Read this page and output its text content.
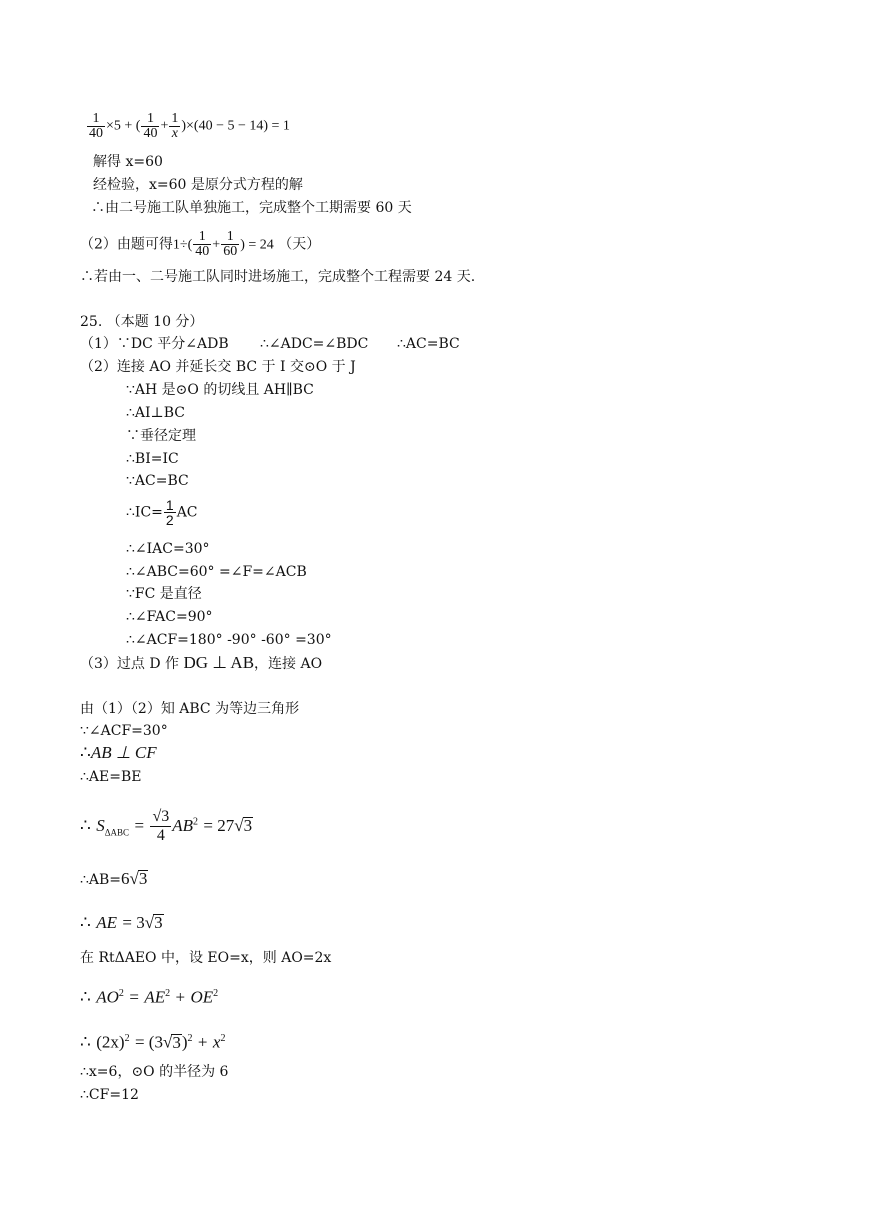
$\frac{1}{40} \times 5$ + ( $\frac{1}{40} + \frac{1}{x} )\times(40 - 5 - 14) = 1$
解得 x=60
经检验，x=60 是原分式方程的解
∴由二号施工队单独施工，完成整个工期需要 60 天
（2）由题可得$1\div( \frac{1}{40} + \frac{1}{60}$ ) = 24 （天）
∴若由一、二号施工队同时进场施工，完成整个工程需要 24 天.
25. （本题 10 分）
（1）∵DC 平分∠ADB ∴∠ADC=∠BDC ∴AC=BC
（2）连接 AO 并延长交 BC 于 I 交⊙O 于 J
∵AH 是⊙O 的切线且 AH∥BC
∴AI⊥BC
∵垂径定理
∴BI=IC
∵AC=BC
∴IC= $\frac{1}{2}$ AC
∴∠IAC=30°
∴∠ABC=60° =∠F=∠ACB
∵FC 是直径
∴∠FAC=90°
∴∠ACF=180° -90° -60° =30°
（3）过点 D 作 DG ⊥ AB，连接 AO
由（1）（2）知 ABC 为等边三角形
∵∠ACF=30°
∴AB ⊥ CF
∴AE=BE
∴ $S_{\Delta ABC} = \frac{√3}{4} AB^2 = 27√3$
∴AB=6√3
∴ AE = 3√3
在 RtΔAEO 中，设 EO=x，则 AO=2x
∴ $AO^2 = AE^2 + OE^2$
∴ $(2x)^2 = (3√3)^2 + x^2$
∴x=6，⊙O 的半径为 6
∴CF=12
